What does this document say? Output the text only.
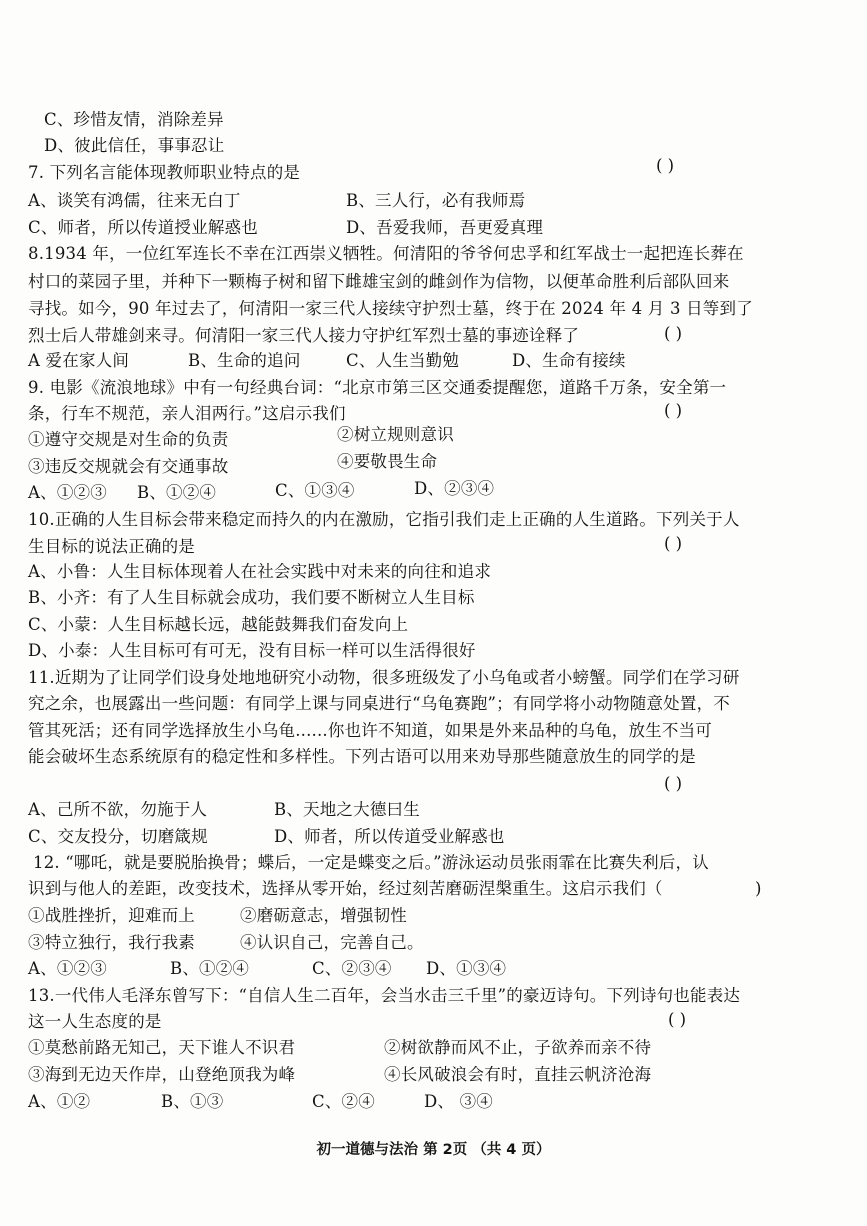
C、珍惜友情，消除差异
D、彼此信任，事事忍让
7. 下列名言能体现教师职业特点的是	( )
A、谈笑有鸿儒，往来无白丁	B、三人行，必有我师焉
C、师者，所以传道授业解惑也	D、吾爱我师，吾更爱真理
8.1934 年，一位红军连长不幸在江西崇义牺牲。何清阳的爷爷何忠孚和红军战士一起把连长葬在
村口的菜园子里，并种下一颗梅子树和留下雌雄宝剑的雌剑作为信物，以便革命胜利后部队回来
寻找。如今，90 年过去了，何清阳一家三代人接续守护烈士墓，终于在 2024 年 4 月 3 日等到了
烈士后人带雄剑来寻。何清阳一家三代人接力守护红军烈士墓的事迹诠释了	( )
A 爱在家人间	B、生命的追问	C、人生当勤勉	D、生命有接续
9. 电影《流浪地球》中有一句经典台词：“北京市第三区交通委提醒您，道路千万条，安全第一
条，行车不规范，亲人泪两行。”这启示我们	( )
①遵守交规是对生命的负责	②树立规则意识
③违反交规就会有交通事故	④要敬畏生命
A、①②③ B、①②④	C、①③④	D、②③④
10.正确的人生目标会带来稳定而持久的内在激励，它指引我们走上正确的人生道路。下列关于人
生目标的说法正确的是	( )
A、小鲁：人生目标体现着人在社会实践中对未来的向往和追求
B、小齐：有了人生目标就会成功，我们要不断树立人生目标
C、小蒙：人生目标越长远，越能鼓舞我们奋发向上
D、小泰：人生目标可有可无，没有目标一样可以生活得很好
11.近期为了让同学们设身处地地研究小动物，很多班级发了小乌龟或者小螃蟹。同学们在学习研
究之余，也展露出一些问题：有同学上课与同桌进行“乌龟赛跑”；有同学将小动物随意处置，不
管其死活；还有同学选择放生小乌龟......你也许不知道，如果是外来品种的乌龟，放生不当可
能会破坏生态系统原有的稳定性和多样性。下列古语可以用来劝导那些随意放生的同学的是
( )
A、己所不欲，勿施于人	B、天地之大德曰生
C、交友投分，切磨箴规	D、师者，所以传道受业解惑也
12. “哪吒，就是要脱胎换骨；蝶后，一定是蝶变之后。”游泳运动员张雨霏在比赛失利后，认
识到与他人的差距，改变技术，选择从零开始，经过刻苦磨砺涅槃重生。这启示我们（	)
①战胜挫折，迎难而上	②磨砺意志，增强韧性
③特立独行，我行我素	④认识自己，完善自己。
A、①②③	B、①②④	C、②③④ D、①③④
13.一代伟人毛泽东曾写下：“自信人生二百年，会当水击三千里”的豪迈诗句。下列诗句也能表达
这一人生态度的是	( )
①莫愁前路无知己，天下谁人不识君	②树欲静而风不止，子欲养而亲不待
③海到无边天作岸，山登绝顶我为峰	④长风破浪会有时，直挂云帆济沧海
A、①②	B、①③	C、②④	D、 ③④
初一道德与法治 第 2页 （共 4 页）
